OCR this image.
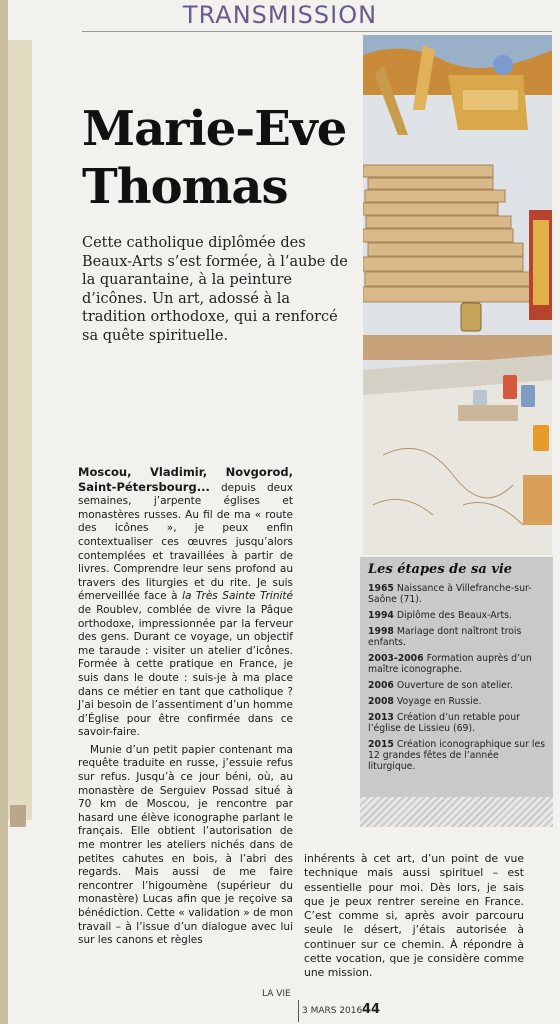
TRANSMISSION
Marie-Eve
Thomas
Cette catholique diplômée des Beaux-Arts s’est formée, à l’aube de la quarantaine, à la peinture d’icônes. Un art, adossé à la tradition orthodoxe, qui a renforcé sa quête spirituelle.
Les étapes de sa vie
1965 Naissance à Villefranche-sur-Saône (71).
1994 Diplôme des Beaux-Arts.
1998 Mariage dont naîtront trois enfants.
2003-2006 Formation auprès d’un maître iconographe.
2006 Ouverture de son atelier.
2008 Voyage en Russie.
2013 Création d’un retable pour l’église de Lissieu (69).
2015 Création iconographique sur les 12 grandes fêtes de l’année liturgique.

Moscou, Vladimir, Novgorod, Saint-Pétersbourg... depuis deux semaines, j’arpente églises et monastères russes. Au fil de ma « route des icônes », je peux enfin contextualiser ces œuvres jusqu’alors contemplées et travaillées à partir de livres. Comprendre leur sens profond au travers des liturgies et du rite. Je suis émerveillée face à la Très Sainte Trinité de Roublev, comblée de vivre la Pâque orthodoxe, impressionnée par la ferveur des gens. Durant ce voyage, un objectif me taraude : visiter un atelier d’icônes. Formée à cette pratique en France, je suis dans le doute : suis-je à ma place dans ce métier en tant que catholique ? J’ai besoin de l’assentiment d’un homme d’Église pour être confirmée dans ce savoir-faire.

Munie d’un petit papier contenant ma requête traduite en russe, j’essuie refus sur refus. Jusqu’à ce jour béni, où, au monastère de Serguiev Possad situé à 70 km de Moscou, je rencontre par hasard une élève iconographe parlant le français. Elle obtient l’autorisation de me montrer les ateliers nichés dans de petites cahutes en bois, à l’abri des regards. Mais aussi de me faire rencontrer l’higoumène (supérieur du monastère) Lucas afin que je reçoive sa bénédiction. Cette « validation » de mon travail – à l’issue d’un dialogue avec lui sur les canons et règles

inhérents à cet art, d’un point de vue technique mais aussi spirituel – est essentielle pour moi. Dès lors, je sais que je peux rentrer sereine en France. C’est comme si, après avoir parcouru seule le désert, j’étais autorisée à continuer sur ce chemin. À répondre à cette vocation, que je considère comme une mission.

LA VIE
3 MARS 2016 44
